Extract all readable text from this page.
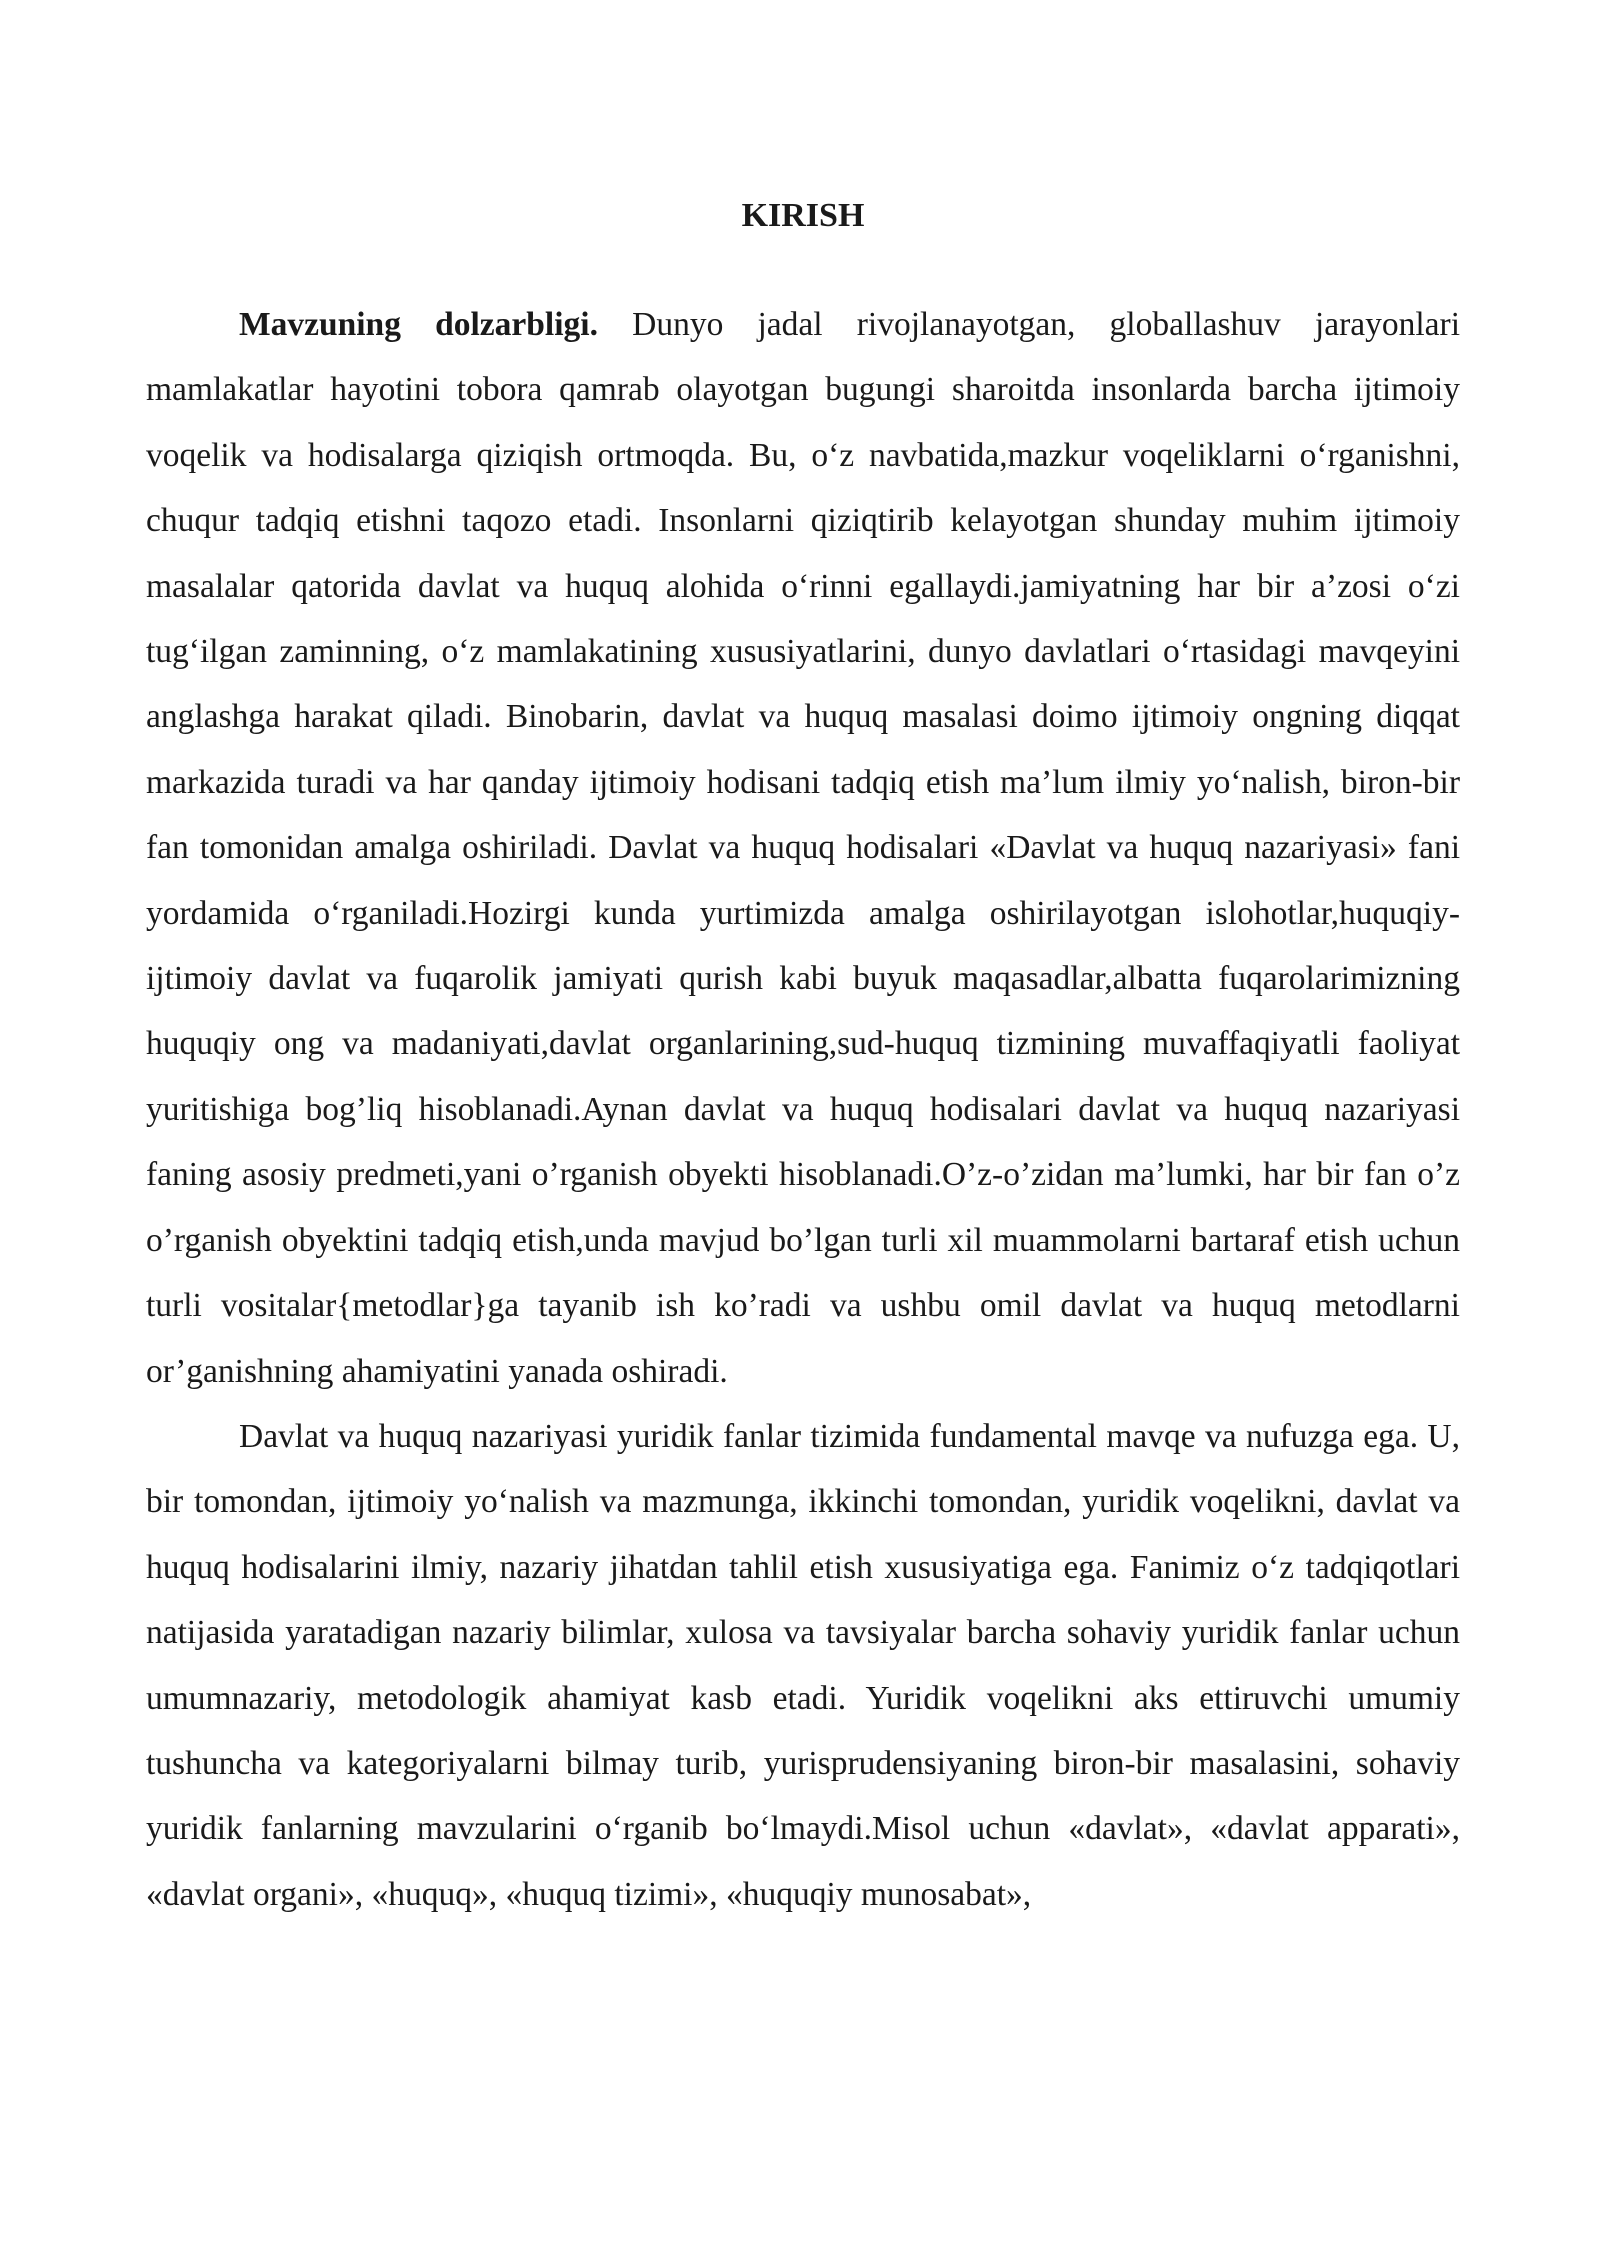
KIRISH

Mavzuning dolzarbligi. Dunyo jadal rivojlanayotgan, globallashuv jarayonlari mamlakatlar hayotini tobora qamrab olayotgan bugungi sharoitda insonlarda barcha ijtimoiy voqelik va hodisalarga qiziqish ortmoqda. Bu, o‘z navbatida,mazkur voqeliklarni o‘rganishni, chuqur tadqiq etishni taqozo etadi. Insonlarni qiziqtirib kelayotgan shunday muhim ijtimoiy masalalar qatorida davlat va huquq alohida o‘rinni egallaydi.jamiyatning har bir a’zosi o‘zi tug‘ilgan zaminning, o‘z mamlakatining xususiyatlarini, dunyo davlatlari o‘rtasidagi mavqeyini anglashga harakat qiladi. Binobarin, davlat va huquq masalasi doimo ijtimoiy ongning diqqat markazida turadi va har qanday ijtimoiy hodisani tadqiq etish ma’lum ilmiy yo‘nalish, biron-bir fan tomonidan amalga oshiriladi. Davlat va huquq hodisalari «Davlat va huquq nazariyasi» fani yordamida o‘rganiladi.Hozirgi kunda yurtimizda amalga oshirilayotgan islohotlar,huquqiy-ijtimoiy davlat va fuqarolik jamiyati qurish kabi buyuk maqasadlar,albatta fuqarolarimizning huquqiy ong va madaniyati,davlat organlarining,sud-huquq tizmining muvaffaqiyatli faoliyat yuritishiga bog’liq hisoblanadi.Aynan davlat va huquq hodisalari davlat va huquq nazariyasi faning asosiy predmeti,yani o’rganish obyekti hisoblanadi.O’z-o’zidan ma’lumki, har bir fan o’z o’rganish obyektini tadqiq etish,unda mavjud bo’lgan turli xil muammolarni bartaraf etish uchun turli vositalar{metodlar}ga tayanib ish ko’radi va ushbu omil davlat va huquq metodlarni or’ganishning ahamiyatini yanada oshiradi.

Davlat va huquq nazariyasi yuridik fanlar tizimida fundamental mavqe va nufuzga ega. U, bir tomondan, ijtimoiy yo‘nalish va mazmunga, ikkinchi tomondan, yuridik voqelikni, davlat va huquq hodisalarini ilmiy, nazariy jihatdan tahlil etish xususiyatiga ega. Fanimiz o‘z tadqiqotlari natijasida yaratadigan nazariy bilimlar, xulosa va tavsiyalar barcha sohaviy yuridik fanlar uchun umumnazariy, metodologik ahamiyat kasb etadi. Yuridik voqelikni aks ettiruvchi umumiy tushuncha va kategoriyalarni bilmay turib, yurisprudensiyaning biron-bir masalasini, sohaviy yuridik fanlarning mavzularini o‘rganib bo‘lmaydi.Misol uchun «davlat», «davlat apparati», «davlat organi», «huquq», «huquq tizimi», «huquqiy munosabat»,
